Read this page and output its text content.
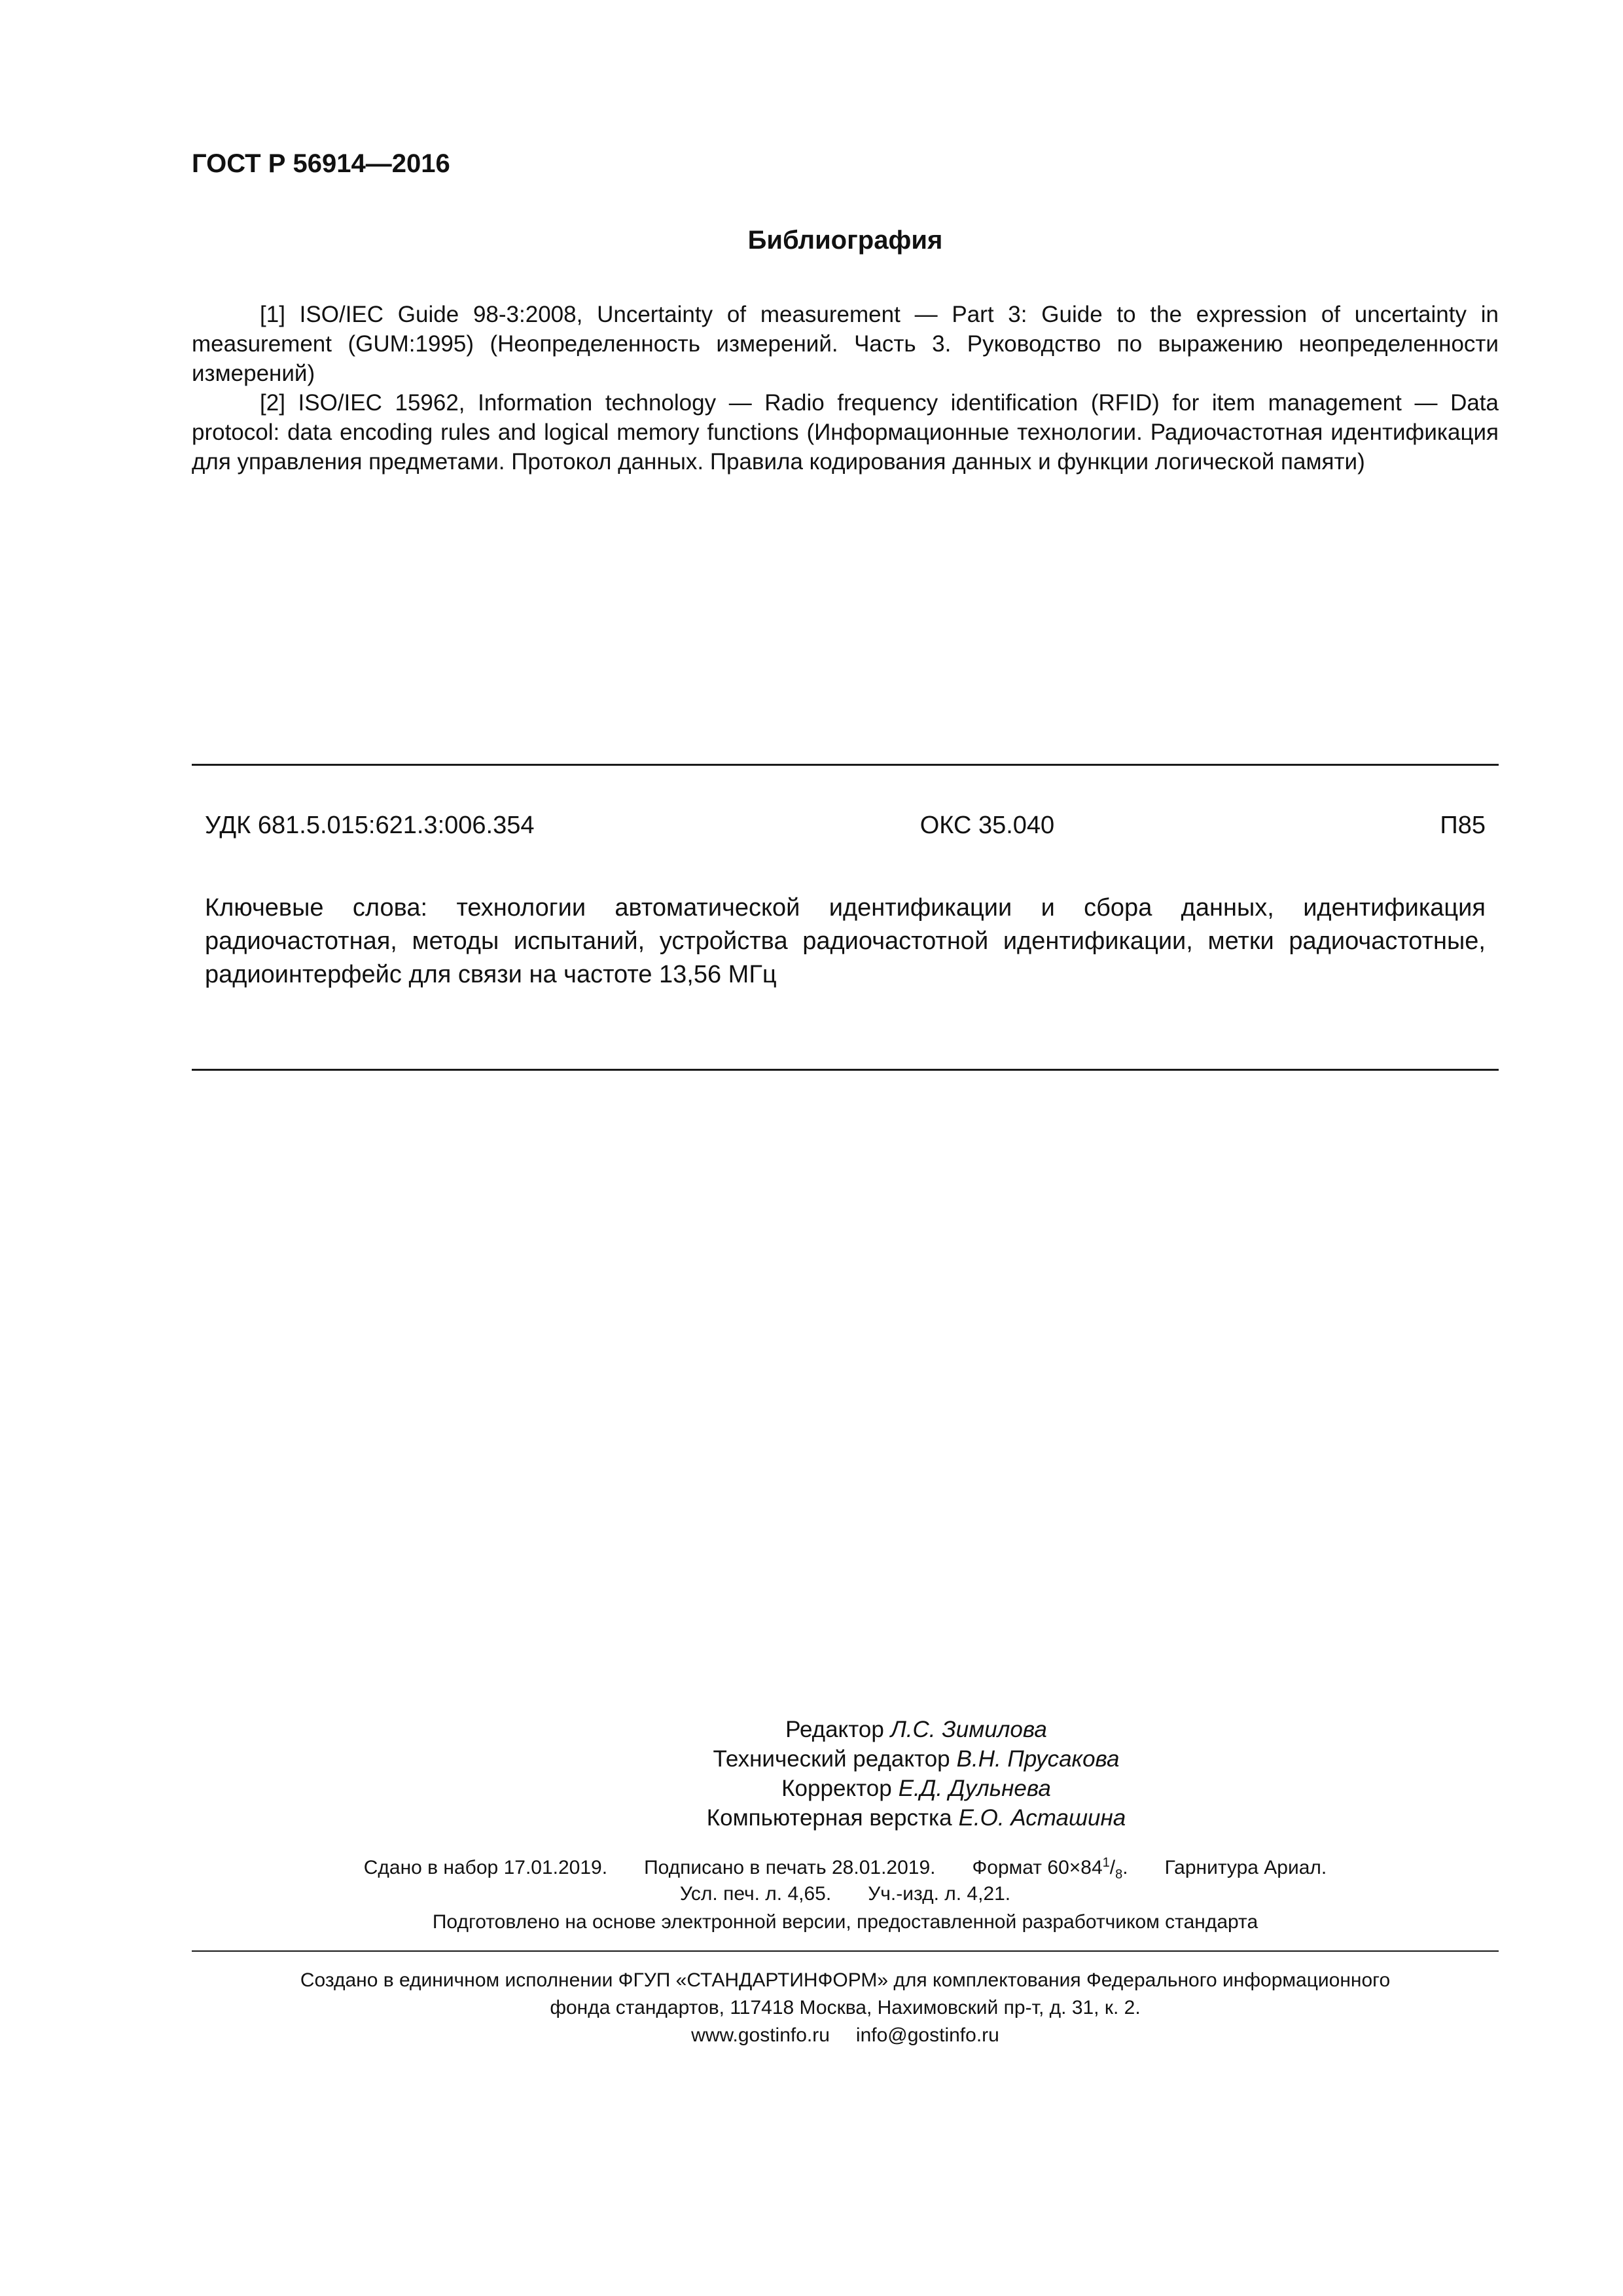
ГОСТ Р 56914—2016
Библиография

[1] ISO/IEC Guide 98-3:2008, Uncertainty of measurement — Part 3: Guide to the expression of uncertainty in measurement (GUM:1995) (Неопределенность измерений. Часть 3. Руководство по выражению неопределенности измерений)

[2] ISO/IEC 15962, Information technology — Radio frequency identification (RFID) for item management — Data protocol: data encoding rules and logical memory functions (Информационные технологии. Радиочастотная идентификация для управления предметами. Протокол данных. Правила кодирования данных и функции логической памяти)

УДК 681.5.015:621.3:006.354	ОКС 35.040	П85
Ключевые слова: технологии автоматической идентификации и сбора данных, идентификация радиочастотная, методы испытаний, устройства радиочастотной идентификации, метки радиочастотные, радиоинтерфейс для связи на частоте 13,56 МГц
Редактор Л.С. Зимилова
Технический редактор В.Н. Прусакова
Корректор Е.Д. Дульнева
Компьютерная верстка Е.О. Асташина
Сдано в набор 17.01.2019. Подписано в печать 28.01.2019. Формат $60\times 84^1/_8$. Гарнитура Ариал.
Усл. печ. л. 4,65. Уч.-изд. л. 4,21.
Подготовлено на основе электронной версии, предоставленной разработчиком стандарта
Создано в единичном исполнении ФГУП «СТАНДАРТИНФОРМ» для комплектования Федерального информационного
фонда стандартов, 117418 Москва, Нахимовский пр-т, д. 31, к. 2.
www.gostinfo.ru info@gostinfo.ru
